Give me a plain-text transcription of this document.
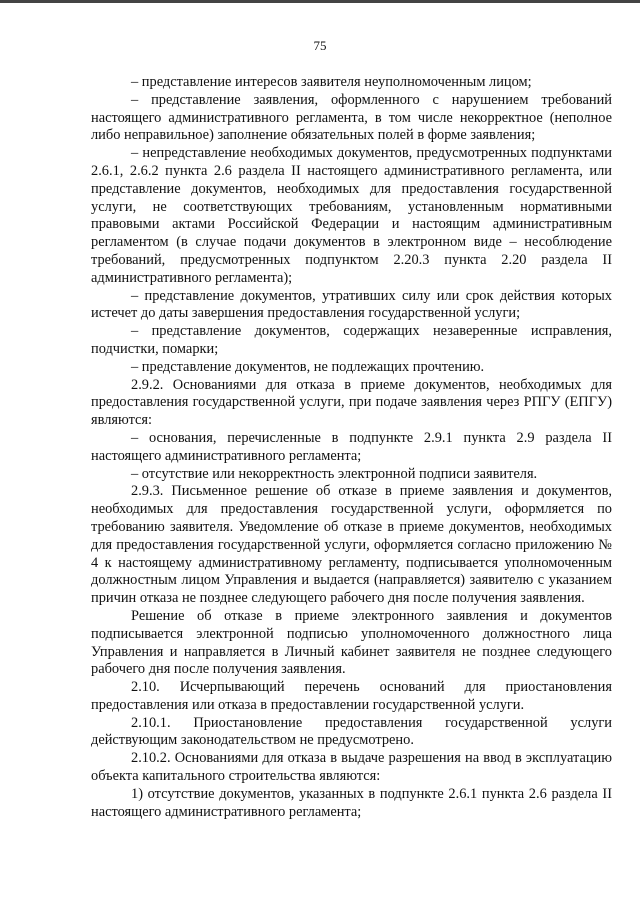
75

– представление интересов заявителя неуполномоченным лицом;

– представление заявления, оформленного с нарушением требований настоящего административного регламента, в том числе некорректное (неполное либо неправильное) заполнение обязательных полей в форме заявления;

– непредставление необходимых документов, предусмотренных подпунктами 2.6.1, 2.6.2 пункта 2.6 раздела II настоящего административного регламента, или представление документов, необходимых для предоставления государственной услуги, не соответствующих требованиям, установленным нормативными правовыми актами Российской Федерации и настоящим административным регламентом (в случае подачи документов в электронном виде – несоблюдение требований, предусмотренных подпунктом 2.20.3 пункта 2.20 раздела II административного регламента);

– представление документов, утративших силу или срок действия которых истечет до даты завершения предоставления государственной услуги;

– представление документов, содержащих незаверенные исправления, подчистки, помарки;

– представление документов, не подлежащих прочтению.

2.9.2. Основаниями для отказа в приеме документов, необходимых для предоставления государственной услуги, при подаче заявления через РПГУ (ЕПГУ) являются:

– основания, перечисленные в подпункте 2.9.1 пункта 2.9 раздела II настоящего административного регламента;

– отсутствие или некорректность электронной подписи заявителя.

2.9.3. Письменное решение об отказе в приеме заявления и документов, необходимых для предоставления государственной услуги, оформляется по требованию заявителя. Уведомление об отказе в приеме документов, необходимых для предоставления государственной услуги, оформляется согласно приложению № 4 к настоящему административному регламенту, подписывается уполномоченным должностным лицом Управления и выдается (направляется) заявителю с указанием причин отказа не позднее следующего рабочего дня после получения заявления.

Решение об отказе в приеме электронного заявления и документов подписывается электронной подписью уполномоченного должностного лица Управления и направляется в Личный кабинет заявителя не позднее следующего рабочего дня после получения заявления.

2.10. Исчерпывающий перечень оснований для приостановления предоставления или отказа в предоставлении государственной услуги.

2.10.1. Приостановление предоставления государственной услуги действующим законодательством не предусмотрено.

2.10.2. Основаниями для отказа в выдаче разрешения на ввод в эксплуатацию объекта капитального строительства являются:

1) отсутствие документов, указанных в подпункте 2.6.1 пункта 2.6 раздела II настоящего административного регламента;
